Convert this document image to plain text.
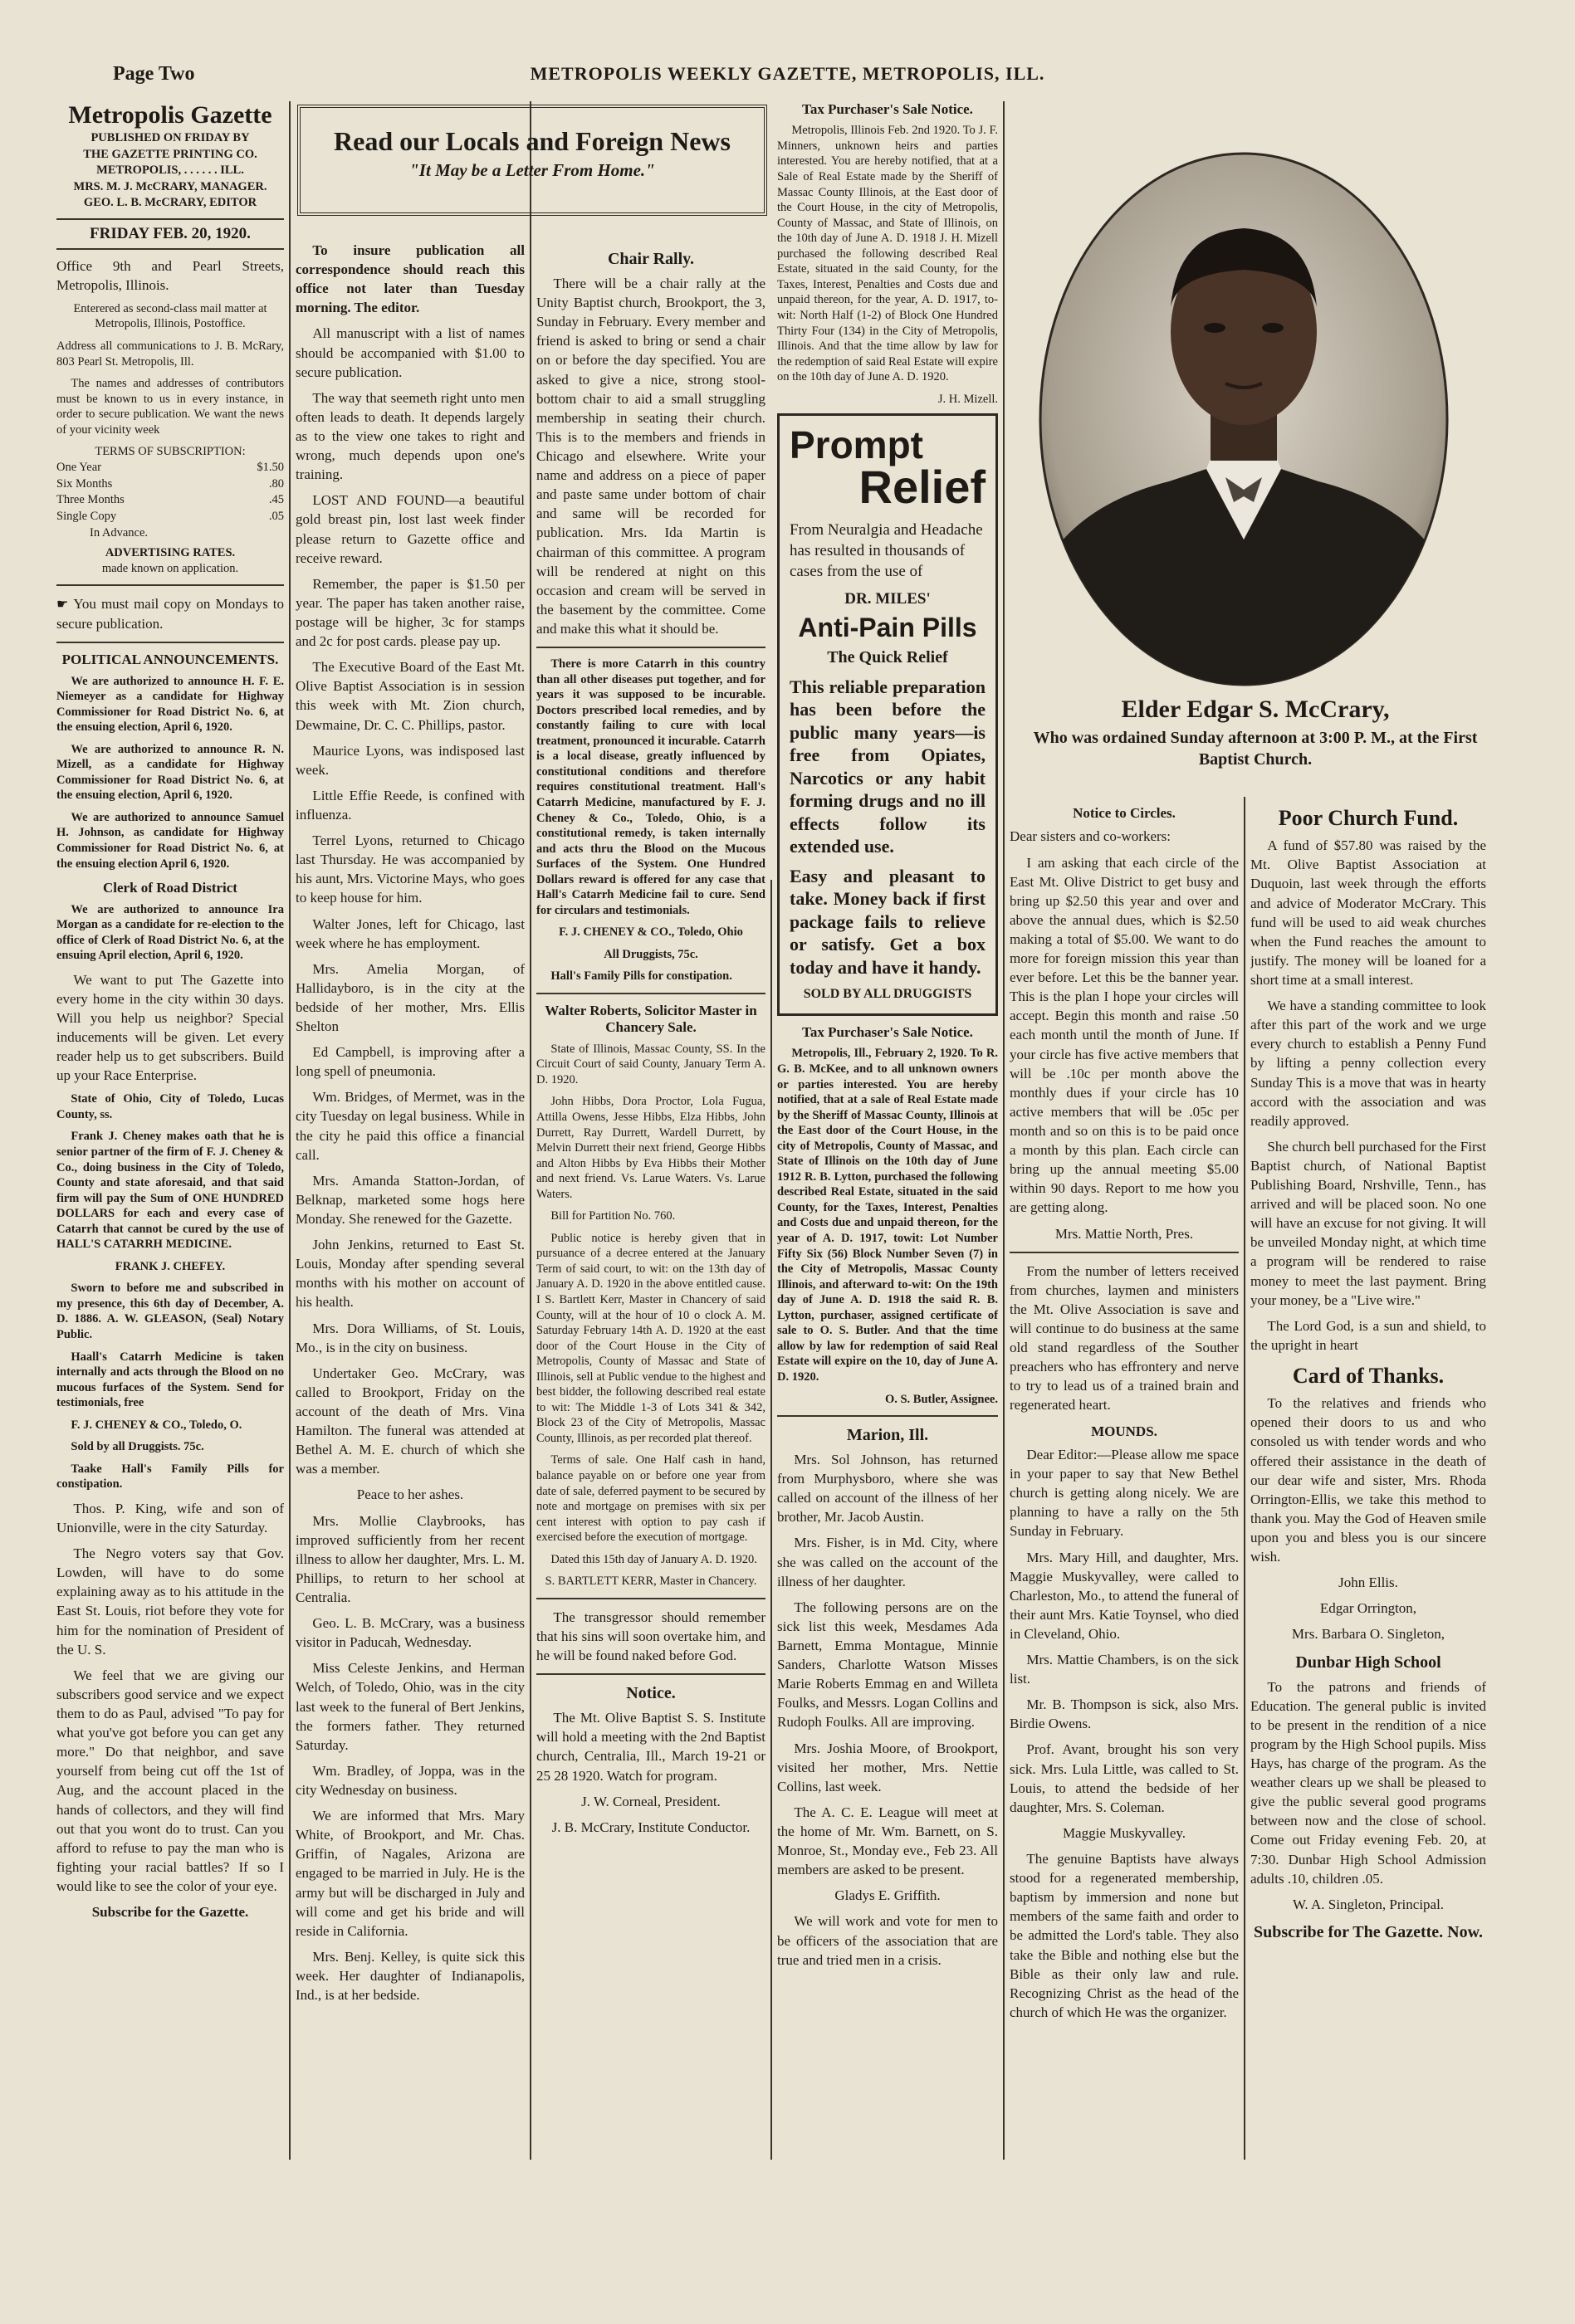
Page Two	METROPOLIS WEEKLY GAZETTE, METROPOLIS, ILL.
Read our Locals and Foreign News
"It May be a Letter From Home."
Metropolis Gazette
PUBLISHED ON FRIDAY BY
THE GAZETTE PRINTING CO.
METROPOLIS, . . . . . . ILL.
MRS. M. J. McCRARY, MANAGER.
GEO. L. B. McCRARY, EDITOR
FRIDAY FEB. 20, 1920.

Office 9th and Pearl Streets, Metropolis, Illinois.

Enterered as second-class mail matter at Metropolis, Illinois, Postoffice.

Address all communications to J. B. McRary, 803 Pearl St. Metropolis, Ill.

The names and addresses of contributors must be known to us in every instance, in order to secure publication. We want the news of your vicinity week

TERMS OF SUBSCRIPTION:
One Year	$1.50
Six Months	.80
Three Months	.45
Single Copy	.05
In Advance.
ADVERTISING RATES.
made known on application.

☛ You must mail copy on Mondays to secure publication.

POLITICAL ANNOUNCEMENTS.

We are authorized to announce H. F. E. Niemeyer as a candidate for Highway Commissioner for Road District No. 6, at the ensuing election, April 6, 1920.

We are authorized to announce R. N. Mizell, as a candidate for Highway Commissioner for Road District No. 6, at the ensuing election, April 6, 1920.

We are authorized to announce Samuel H. Johnson, as candidate for Highway Commissioner for Road District No. 6, at the ensuing election April 6, 1920.

Clerk of Road District

We are authorized to announce Ira Morgan as a candidate for re-election to the office of Clerk of Road District No. 6, at the ensuing April election, April 6, 1920.

We want to put The Gazette into every home in the city within 30 days. Will you help us neighbor? Special inducements will be given. Let every reader help us to get subscribers. Build up your Race Enterprise.

State of Ohio, City of Toledo, Lucas County, ss.

Frank J. Cheney makes oath that he is senior partner of the firm of F. J. Cheney & Co., doing business in the City of Toledo, County and state aforesaid, and that said firm will pay the Sum of ONE HUNDRED DOLLARS for each and every case of Catarrh that cannot be cured by the use of HALL'S CATARRH MEDICINE.

FRANK J. CHEFEY.

Sworn to before me and subscribed in my presence, this 6th day of December, A. D. 1886. A. W. GLEASON, (Seal) Notary Public.

Haall's Catarrh Medicine is taken internally and acts through the Blood on no mucous furfaces of the System. Send for testimonials, free

F. J. CHENEY & CO., Toledo, O.

Sold by all Druggists. 75c.

Taake Hall's Family Pills for constipation.

Thos. P. King, wife and son of Unionville, were in the city Saturday.

The Negro voters say that Gov. Lowden, will have to do some explaining away as to his attitude in the East St. Louis, riot before they vote for him for the nomination of President of the U. S.

We feel that we are giving our subscribers good service and we expect them to do as Paul, advised "To pay for what you've got before you can get any more." Do that neighbor, and save yourself from being cut off the 1st of Aug, and the account placed in the hands of collectors, and they will find out that you wont do to trust. Can you afford to refuse to pay the man who is fighting your racial battles? If so I would like to see the color of your eye.

Subscribe for the Gazette.

To insure publication all correspondence should reach this office not later than Tuesday morning. The editor.

All manuscript with a list of names should be accompanied with $1.00 to secure publication.

The way that seemeth right unto men often leads to death. It depends largely as to the view one takes to right and wrong, much depends upon one's training.

LOST AND FOUND—a beautiful gold breast pin, lost last week finder please return to Gazette office and receive reward.

Remember, the paper is $1.50 per year. The paper has taken another raise, postage will be higher, 3c for stamps and 2c for post cards. please pay up.

The Executive Board of the East Mt. Olive Baptist Association is in session this week with Mt. Zion church, Dewmaine, Dr. C. C. Phillips, pastor.

Maurice Lyons, was indisposed last week.

Little Effie Reede, is confined with influenza.

Terrel Lyons, returned to Chicago last Thursday. He was accompanied by his aunt, Mrs. Victorine Mays, who goes to keep house for him.

Walter Jones, left for Chicago, last week where he has employment.

Mrs. Amelia Morgan, of Hallidayboro, is in the city at the bedside of her mother, Mrs. Ellis Shelton

Ed Campbell, is improving after a long spell of pneumonia.

Wm. Bridges, of Mermet, was in the city Tuesday on legal business. While in the city he paid this office a financial call.

Mrs. Amanda Statton-Jordan, of Belknap, marketed some hogs here Monday. She renewed for the Gazette.

John Jenkins, returned to East St. Louis, Monday after spending several months with his mother on account of his health.

Mrs. Dora Williams, of St. Louis, Mo., is in the city on business.

Undertaker Geo. McCrary, was called to Brookport, Friday on the account of the death of Mrs. Vina Hamilton. The funeral was attended at Bethel A. M. E. church of which she was a member.

Peace to her ashes.

Mrs. Mollie Claybrooks, has improved sufficiently from her recent illness to allow her daughter, Mrs. L. M. Phillips, to return to her school at Centralia.

Geo. L. B. McCrary, was a business visitor in Paducah, Wednesday.

Miss Celeste Jenkins, and Herman Welch, of Toledo, Ohio, was in the city last week to the funeral of Bert Jenkins, the formers father. They returned Saturday.

Wm. Bradley, of Joppa, was in the city Wednesday on business.

We are informed that Mrs. Mary White, of Brookport, and Mr. Chas. Griffin, of Nagales, Arizona are engaged to be married in July. He is the army but will be discharged in July and will come and get his bride and will reside in California.

Mrs. Benj. Kelley, is quite sick this week. Her daughter of Indianapolis, Ind., is at her bedside.

Chair Rally.

There will be a chair rally at the Unity Baptist church, Brookport, the 3, Sunday in February. Every member and friend is asked to bring or send a chair on or before the day specified. You are asked to give a nice, strong stool-bottom chair to aid a small struggling membership in seating their church. This is to the members and friends in Chicago and elsewhere. Write your name and address on a piece of paper and paste same under bottom of chair and same will be recorded for publication. Mrs. Ida Martin is chairman of this committee. A program will be rendered at night on this occasion and cream will be served in the basement by the committee. Come and make this what it should be.

There is more Catarrh in this country than all other diseases put together, and for years it was supposed to be incurable. Doctors prescribed local remedies, and by constantly failing to cure with local treatment, pronounced it incurable. Catarrh is a local disease, greatly influenced by constitutional conditions and therefore requires constitutional treatment. Hall's Catarrh Medicine, manufactured by F. J. Cheney & Co., Toledo, Ohio, is a constitutional remedy, is taken internally and acts thru the Blood on the Mucous Surfaces of the System. One Hundred Dollars reward is offered for any case that Hall's Catarrh Medicine fail to cure. Send for circulars and testimonials.

F. J. CHENEY & CO., Toledo, Ohio

All Druggists, 75c.

Hall's Family Pills for constipation.

Walter Roberts, Solicitor Master in Chancery Sale.

State of Illinois, Massac County, SS. In the Circuit Court of said County, January Term A. D. 1920.

John Hibbs, Dora Proctor, Lola Fugua, Attilla Owens, Jesse Hibbs, Elza Hibbs, John Durrett, Ray Durrett, Wardell Durrett, by Melvin Durrett their next friend, George Hibbs and Alton Hibbs by Eva Hibbs their Mother and next friend. Vs. Larue Waters. Vs. Larue Waters.

Bill for Partition No. 760.

Public notice is hereby given that in pursuance of a decree entered at the January Term of said court, to wit: on the 13th day of January A. D. 1920 in the above entitled cause. I S. Bartlett Kerr, Master in Chancery of said County, will at the hour of 10 o clock A. M. Saturday February 14th A. D. 1920 at the east door of the Court House in the City of Metropolis, County of Massac and State of Illinois, sell at Public vendue to the highest and best bidder, the following described real estate to wit: The Middle 1-3 of Lots 341 & 342, Block 23 of the City of Metropolis, Massac County, Illinois, as per recorded plat thereof.

Terms of sale. One Half cash in hand, balance payable on or before one year from date of sale, deferred payment to be secured by note and mortgage on premises with six per cent interest with option to pay cash if exercised before the execution of mortgage.

Dated this 15th day of January A. D. 1920.

S. BARTLETT KERR, Master in Chancery.

The transgressor should remember that his sins will soon overtake him, and he will be found naked before God.

Notice.

The Mt. Olive Baptist S. S. Institute will hold a meeting with the 2nd Baptist church, Centralia, Ill., March 19-21 or 25 28 1920. Watch for program.

J. W. Corneal, President.

J. B. McCrary, Institute Conductor.

Tax Purchaser's Sale Notice.

Metropolis, Illinois Feb. 2nd 1920. To J. F. Minners, unknown heirs and parties interested. You are hereby notified, that at a Sale of Real Estate made by the Sheriff of Massac County Illinois, at the East door of the Court House, in the city of Metropolis, County of Massac, and State of Illinois, on the 10th day of June A. D. 1918 J. H. Mizell purchased the following described Real Estate, situated in the said County, for the Taxes, Interest, Penalties and Costs due and unpaid thereon, for the year, A. D. 1917, to-wit: North Half (1-2) of Block One Hundred Thirty Four (134) in the City of Metropolis, Illinois. And that the time allow by law for the redemption of said Real Estate will expire on the 10th day of June A. D. 1920.

J. H. Mizell.

Prompt
Relief
From Neuralgia and Headache has resulted in thousands of cases from the use of
DR. MILES'
Anti-Pain Pills
The Quick Relief
This reliable preparation has been before the public many years—is free from Opiates, Narcotics or any habit forming drugs and no ill effects follow its extended use.
Easy and pleasant to take. Money back if first package fails to relieve or satisfy. Get a box today and have it handy.
SOLD BY ALL DRUGGISTS
Tax Purchaser's Sale Notice.

Metropolis, Ill., February 2, 1920. To R. G. B. McKee, and to all unknown owners or parties interested. You are hereby notified, that at a sale of Real Estate made by the Sheriff of Massac County, Illinois at the East door of the Court House, in the city of Metropolis, County of Massac, and State of Illinois on the 10th day of June 1912 R. B. Lytton, purchased the following described Real Estate, situated in the said County, for the Taxes, Interest, Penalties and Costs due and unpaid thereon, for the year of A. D. 1917, towit: Lot Number Fifty Six (56) Block Number Seven (7) in the City of Metropolis, Massac County Illinois, and afterward to-wit: On the 19th day of June A. D. 1918 the said R. B. Lytton, purchaser, assigned certificate of sale to O. S. Butler. And that the time allow by law for redemption of said Real Estate will expire on the 10, day of June A. D. 1920.

O. S. Butler, Assignee.

Marion, Ill.

Mrs. Sol Johnson, has returned from Murphysboro, where she was called on account of the illness of her brother, Mr. Jacob Austin.

Mrs. Fisher, is in Md. City, where she was called on the account of the illness of her daughter.

The following persons are on the sick list this week, Mesdames Ada Barnett, Emma Montague, Minnie Sanders, Charlotte Watson Misses Marie Roberts Emmag en and Willeta Foulks, and Messrs. Logan Collins and Rudoph Foulks. All are improving.

Mrs. Joshia Moore, of Brookport, visited her mother, Mrs. Nettie Collins, last week.

The A. C. E. League will meet at the home of Mr. Wm. Barnett, on S. Monroe, St., Monday eve., Feb 23. All members are asked to be present.

Gladys E. Griffith.

We will work and vote for men to be officers of the association that are true and tried men in a crisis.

Elder Edgar S. McCrary,
Who was ordained Sunday afternoon at 3:00 P. M., at the First Baptist Church.
Notice to Circles.

Dear sisters and co-workers:

I am asking that each circle of the East Mt. Olive District to get busy and bring up $2.50 this year and over and above the annual dues, which is $2.50 making a total of $5.00. We want to do more for foreign mission this year than ever before. Let this be the banner year. This is the plan I hope your circles will accept. Begin this month and raise .50 each month until the month of June. If your circle has five active members that will be .10c per month above the monthly dues if your circle has 10 active members that will be .05c per month and so on this is to be paid once a month by this plan. Each circle can bring up the annual meeting $5.00 within 90 days. Report to me how you are getting along.

Mrs. Mattie North, Pres.

From the number of letters received from churches, laymen and ministers the Mt. Olive Association is save and will continue to do business at the same old stand regardless of the Souther preachers who has effrontery and nerve to try to lead us of a trained brain and regenerated heart.

MOUNDS.

Dear Editor:—Please allow me space in your paper to say that New Bethel church is getting along nicely. We are planning to have a rally on the 5th Sunday in February.

Mrs. Mary Hill, and daughter, Mrs. Maggie Muskyvalley, were called to Charleston, Mo., to attend the funeral of their aunt Mrs. Katie Toynsel, who died in Cleveland, Ohio.

Mrs. Mattie Chambers, is on the sick list.

Mr. B. Thompson is sick, also Mrs. Birdie Owens.

Prof. Avant, brought his son very sick. Mrs. Lula Little, was called to St. Louis, to attend the bedside of her daughter, Mrs. S. Coleman.

Maggie Muskyvalley.

The genuine Baptists have always stood for a regenerated membership, baptism by immersion and none but members of the same faith and order to be admitted the Lord's table. They also take the Bible and nothing else but the Bible as their only law and rule. Recognizing Christ as the head of the church of which He was the organizer.

Poor Church Fund.

A fund of $57.80 was raised by the Mt. Olive Baptist Association at Duquoin, last week through the efforts and advice of Moderator McCrary. This fund will be used to aid weak churches when the Fund reaches the amount to justify. The money will be loaned for a short time at a small interest.

We have a standing committee to look after this part of the work and we urge every church to establish a Penny Fund by lifting a penny collection every Sunday This is a move that was in hearty accord with the association and was readily approved.

She church bell purchased for the First Baptist church, of National Baptist Publishing Board, Nrshville, Tenn., has arrived and will be placed soon. No one will have an excuse for not giving. It will be unveiled Monday night, at which time a program will be rendered to raise money to meet the last payment. Bring your money, be a "Live wire."

The Lord God, is a sun and shield, to the upright in heart

Card of Thanks.

To the relatives and friends who opened their doors to us and who consoled us with tender words and who offered their assistance in the death of our dear wife and sister, Mrs. Rhoda Orrington-Ellis, we take this method to thank you. May the God of Heaven smile upon you and bless you is our sincere wish.

John Ellis.

Edgar Orrington,

Mrs. Barbara O. Singleton,

Dunbar High School

To the patrons and friends of Education. The general public is invited to be present in the rendition of a nice program by the High School pupils. Miss Hays, has charge of the program. As the weather clears up we shall be pleased to give the public several good programs between now and the close of school. Come out Friday evening Feb. 20, at 7:30. Dunbar High School Admission adults .10, children .05.

W. A. Singleton, Principal.

Subscribe for The Gazette. Now.
